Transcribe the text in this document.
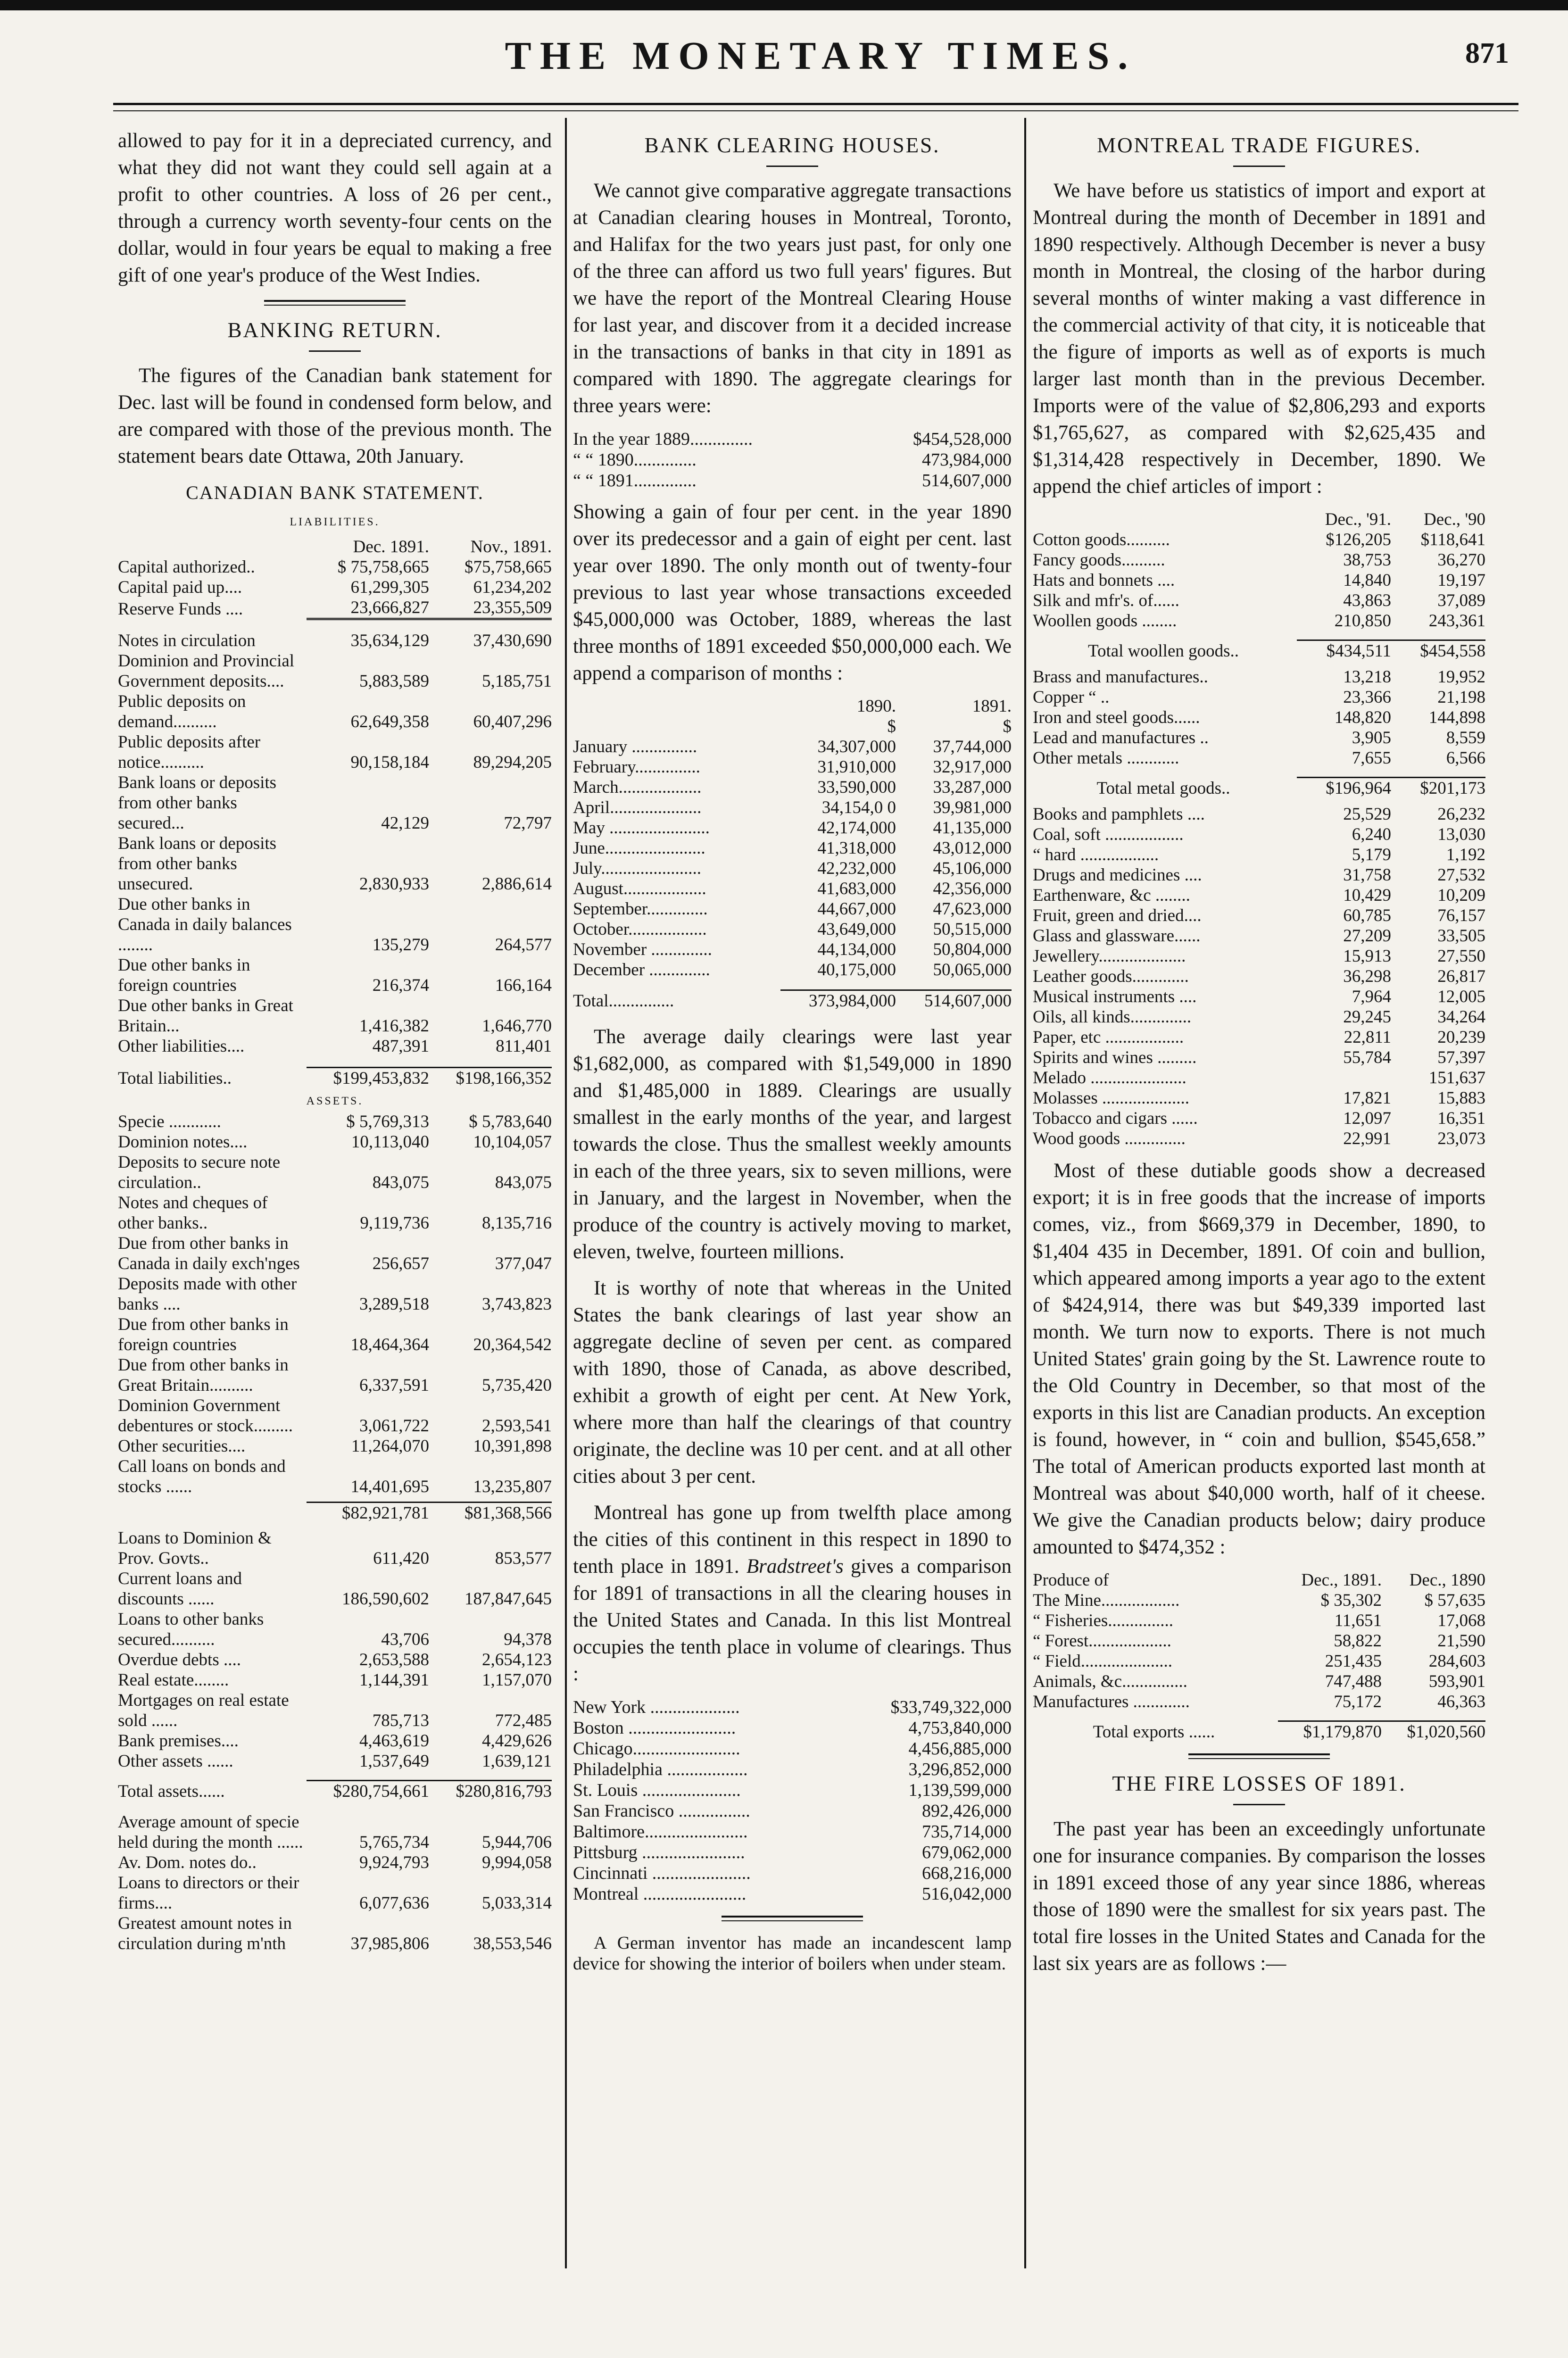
THE MONETARY TIMES.	871

allowed to pay for it in a depreciated currency, and what they did not want they could sell again at a profit to other countries. A loss of 26 per cent., through a currency worth seventy-four cents on the dollar, would in four years be equal to making a free gift of one year's produce of the West Indies.

BANKING RETURN.

The figures of the Canadian bank statement for Dec. last will be found in condensed form below, and are compared with those of the previous month. The statement bears date Ottawa, 20th January.

CANADIAN BANK STATEMENT.
LIABILITIES.
	Dec. 1891.	Nov., 1891.
Capital authorized..	$ 75,758,665	$75,758,665
Capital paid up....	61,299,305	61,234,202
Reserve Funds ....	23,666,827	23,355,509

Notes in circulation	35,634,129	37,430,690
Dominion and Provincial Government deposits....	5,883,589	5,185,751
Public deposits on demand..........	62,649,358	60,407,296
Public deposits after notice..........	90,158,184	89,294,205
Bank loans or deposits from other banks secured...	42,129	72,797
Bank loans or deposits from other banks unsecured.	2,830,933	2,886,614
Due other banks in Canada in daily balances ........	135,279	264,577
Due other banks in foreign countries	216,374	166,164
Due other banks in Great Britain...	1,416,382	1,646,770
Other liabilities....	487,391	811,401

Total liabilities..	$199,453,832	$198,166,352
ASSETS.		
Specie ............	$ 5,769,313	$ 5,783,640
Dominion notes....	10,113,040	10,104,057
Deposits to secure note circulation..	843,075	843,075
Notes and cheques of other banks..	9,119,736	8,135,716
Due from other banks in Canada in daily exch'nges	256,657	377,047
Deposits made with other banks ....	3,289,518	3,743,823
Due from other banks in foreign countries	18,464,364	20,364,542
Due from other banks in Great Britain..........	6,337,591	5,735,420
Dominion Government debentures or stock.........	3,061,722	2,593,541
Other securities....	11,264,070	10,391,898
Call loans on bonds and stocks ......	14,401,695	13,235,807

	$82,921,781	$81,368,566

Loans to Dominion & Prov. Govts..	611,420	853,577
Current loans and discounts ......	186,590,602	187,847,645
Loans to other banks secured..........	43,706	94,378
Overdue debts ....	2,653,588	2,654,123
Real estate........	1,144,391	1,157,070
Mortgages on real estate sold ......	785,713	772,485
Bank premises....	4,463,619	4,429,626
Other assets ......	1,537,649	1,639,121

Total assets......	$280,754,661	$280,816,793

Average amount of specie held during the month ......	5,765,734	5,944,706
Av. Dom. notes do..	9,924,793	9,994,058
Loans to directors or their firms....	6,077,636	5,033,314
Greatest amount notes in circulation during m'nth	37,985,806	38,553,546
BANK CLEARING HOUSES.

We cannot give comparative aggregate transactions at Canadian clearing houses in Montreal, Toronto, and Halifax for the two years just past, for only one of the three can afford us two full years' figures. But we have the report of the Montreal Clearing House for last year, and discover from it a decided increase in the transactions of banks in that city in 1891 as compared with 1890. The aggregate clearings for three years were:

In the year 1889..............	$454,528,000
“ “ 1890..............	473,984,000
“ “ 1891..............	514,607,000

Showing a gain of four per cent. in the year 1890 over its predecessor and a gain of eight per cent. last year over 1890. The only month out of twenty-four previous to last year whose transactions exceeded $45,000,000 was October, 1889, whereas the last three months of 1891 exceeded $50,000,000 each. We append a comparison of months :

	1890.	1891.
	$	$
January ...............	34,307,000	37,744,000
February...............	31,910,000	32,917,000
March...................	33,590,000	33,287,000
April.....................	34,154,0 0	39,981,000
May .......................	42,174,000	41,135,000
June.......................	41,318,000	43,012,000
July.......................	42,232,000	45,106,000
August...................	41,683,000	42,356,000
September..............	44,667,000	47,623,000
October..................	43,649,000	50,515,000
November ..............	44,134,000	50,804,000
December ..............	40,175,000	50,065,000

Total...............	373,984,000	514,607,000

The average daily clearings were last year $1,682,000, as compared with $1,549,000 in 1890 and $1,485,000 in 1889. Clearings are usually smallest in the early months of the year, and largest towards the close. Thus the smallest weekly amounts in each of the three years, six to seven millions, were in January, and the largest in November, when the produce of the country is actively moving to market, eleven, twelve, fourteen millions.

It is worthy of note that whereas in the United States the bank clearings of last year show an aggregate decline of seven per cent. as compared with 1890, those of Canada, as above described, exhibit a growth of eight per cent. At New York, where more than half the clearings of that country originate, the decline was 10 per cent. and at all other cities about 3 per cent.

Montreal has gone up from twelfth place among the cities of this continent in this respect in 1890 to tenth place in 1891. Bradstreet's gives a comparison for 1891 of transactions in all the clearing houses in the United States and Canada. In this list Montreal occupies the tenth place in volume of clearings. Thus :

New York ....................	$33,749,322,000
Boston ........................	4,753,840,000
Chicago........................	4,456,885,000
Philadelphia ..................	3,296,852,000
St. Louis ......................	1,139,599,000
San Francisco ................	892,426,000
Baltimore.......................	735,714,000
Pittsburg .......................	679,062,000
Cincinnati ......................	668,216,000
Montreal .......................	516,042,000

A German inventor has made an incandescent lamp device for showing the interior of boilers when under steam.

MONTREAL TRADE FIGURES.

We have before us statistics of import and export at Montreal during the month of December in 1891 and 1890 respectively. Although December is never a busy month in Montreal, the closing of the harbor during several months of winter making a vast difference in the commercial activity of that city, it is noticeable that the figure of imports as well as of exports is much larger last month than in the previous December. Imports were of the value of $2,806,293 and exports $1,765,627, as compared with $2,625,435 and $1,314,428 respectively in December, 1890. We append the chief articles of import :

	Dec., '91.	Dec., '90
Cotton goods..........	$126,205	$118,641
Fancy goods..........	38,753	36,270
Hats and bonnets ....	14,840	19,197
Silk and mfr's. of......	43,863	37,089
Woollen goods ........	210,850	243,361

Total woollen goods..	$434,511	$454,558

Brass and manufactures..	13,218	19,952
Copper “ ..	23,366	21,198
Iron and steel goods......	148,820	144,898
Lead and manufactures ..	3,905	8,559
Other metals ............	7,655	6,566

Total metal goods..	$196,964	$201,173

Books and pamphlets ....	25,529	26,232
Coal, soft ..................	6,240	13,030
“ hard ..................	5,179	1,192
Drugs and medicines ....	31,758	27,532
Earthenware, &c ........	10,429	10,209
Fruit, green and dried....	60,785	76,157
Glass and glassware......	27,209	33,505
Jewellery....................	15,913	27,550
Leather goods.............	36,298	26,817
Musical instruments ....	7,964	12,005
Oils, all kinds..............	29,245	34,264
Paper, etc ..................	22,811	20,239
Spirits and wines .........	55,784	57,397
Melado ......................		151,637
Molasses ....................	17,821	15,883
Tobacco and cigars ......	12,097	16,351
Wood goods ..............	22,991	23,073

Most of these dutiable goods show a decreased export; it is in free goods that the increase of imports comes, viz., from $669,379 in December, 1890, to $1,404 435 in December, 1891. Of coin and bullion, which appeared among imports a year ago to the extent of $424,914, there was but $49,339 imported last month. We turn now to exports. There is not much United States' grain going by the St. Lawrence route to the Old Country in December, so that most of the exports in this list are Canadian products. An exception is found, however, in “ coin and bullion, $545,658.” The total of American products exported last month at Montreal was about $40,000 worth, half of it cheese. We give the Canadian products below; dairy produce amounted to $474,352 :

Produce of	Dec., 1891.	Dec., 1890
The Mine..................	$ 35,302	$ 57,635
“ Fisheries...............	11,651	17,068
“ Forest...................	58,822	21,590
“ Field.....................	251,435	284,603
Animals, &c...............	747,488	593,901
Manufactures .............	75,172	46,363

Total exports ......	$1,179,870	$1,020,560
THE FIRE LOSSES OF 1891.

The past year has been an exceedingly unfortunate one for insurance companies. By comparison the losses in 1891 exceed those of any year since 1886, whereas those of 1890 were the smallest for six years past. The total fire losses in the United States and Canada for the last six years are as follows :—
